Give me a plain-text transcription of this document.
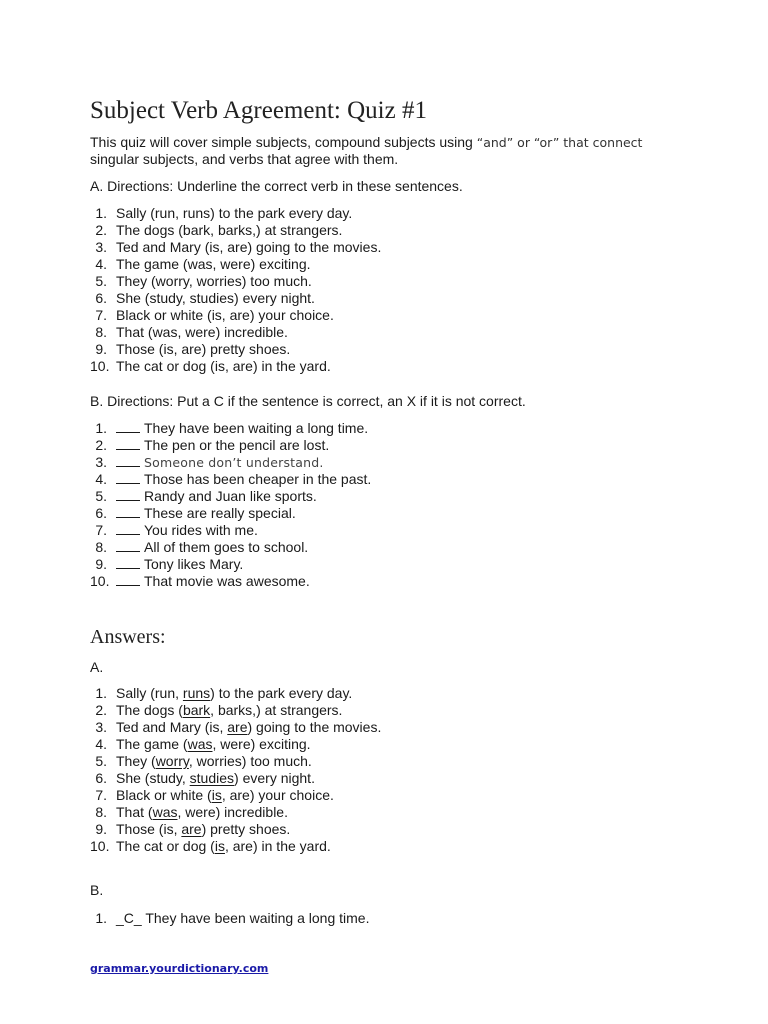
Subject Verb Agreement: Quiz #1

This quiz will cover simple subjects, compound subjects using “and” or “or” that connect
singular subjects, and verbs that agree with them.

A. Directions: Underline the correct verb in these sentences.

1. Sally (run, runs) to the park every day.
2. The dogs (bark, barks,) at strangers.
3. Ted and Mary (is, are) going to the movies.
4. The game (was, were) exciting.
5. They (worry, worries) too much.
6. She (study, studies) every night.
7. Black or white (is, are) your choice.
8. That (was, were) incredible.
9. Those (is, are) pretty shoes.
10. The cat or dog (is, are) in the yard.

B. Directions: Put a C if the sentence is correct, an X if it is not correct.

1.	They have been waiting a long time.
2.	The pen or the pencil are lost.
3.	Someone don’t understand.
4.	Those has been cheaper in the past.
5.	Randy and Juan like sports.
6.	These are really special.
7.	You rides with me.
8.	All of them goes to school.
9.	Tony likes Mary.
10. That movie was awesome.
Answers:

A.

1. Sally (run, runs) to the park every day.
2. The dogs (bark, barks,) at strangers.
3. Ted and Mary (is, are) going to the movies.
4. The game (was, were) exciting.
5. They (worry, worries) too much.
6. She (study, studies) every night.
7. Black or white (is, are) your choice.
8. That (was, were) incredible.
9. Those (is, are) pretty shoes.
10. The cat or dog (is, are) in the yard.

B.

1. _C_ They have been waiting a long time.
grammar.yourdictionary.com
